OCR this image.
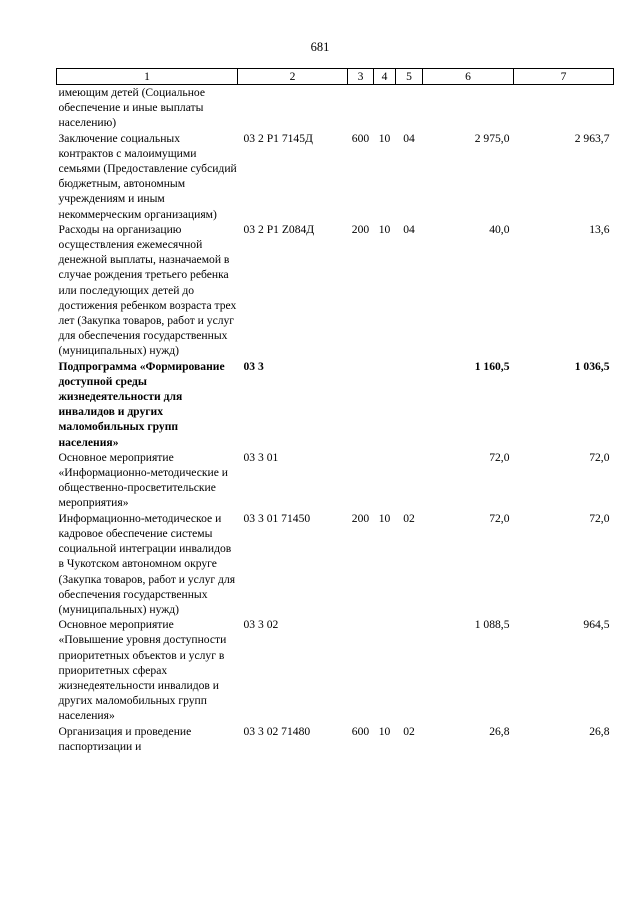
681
1	2	3	4	5	6	7
имеющим детей (Социальное обеспечение и иные выплаты населению)						
Заключение социальных контрактов с малоимущими семьями (Предоставление субсидий бюджетным, автономным учреждениям и иным некоммерческим организациям)	03 2 P1 7145Д	600	10	04	2 975,0	2 963,7
Расходы на организацию осуществления ежемесячной денежной выплаты, назначаемой в случае рождения третьего ребенка или последующих детей до достижения ребенком возраста трех лет (Закупка товаров, работ и услуг для обеспечения государственных (муниципальных) нужд)	03 2 P1 Z084Д	200	10	04	40,0	13,6
Подпрограмма «Формирование доступной среды жизнедеятельности для инвалидов и других маломобильных групп населения»	03 3				1 160,5	1 036,5
Основное мероприятие «Информационно-методические и общественно-просветительские мероприятия»	03 3 01				72,0	72,0
Информационно-методическое и кадровое обеспечение системы социальной интеграции инвалидов в Чукотском автономном округе (Закупка товаров, работ и услуг для обеспечения государственных (муниципальных) нужд)	03 3 01 71450	200	10	02	72,0	72,0
Основное мероприятие «Повышение уровня доступности приоритетных объектов и услуг в приоритетных сферах жизнедеятельности инвалидов и других маломобильных групп населения»	03 3 02				1 088,5	964,5
Организация и проведение паспортизации и	03 3 02 71480	600	10	02	26,8	26,8
